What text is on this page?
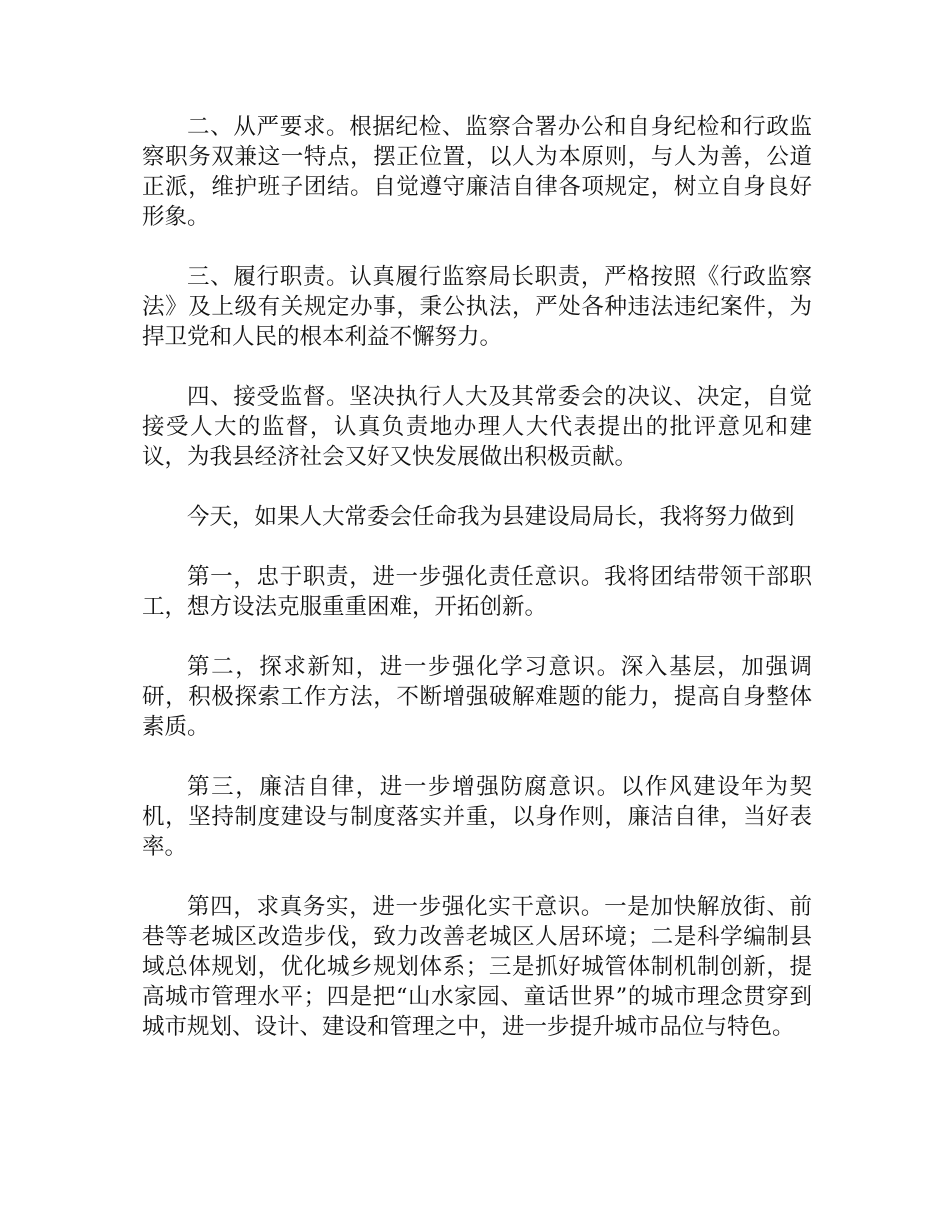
二、从严要求。根据纪检、监察合署办公和自身纪检和行政监察职务双兼这一特点，摆正位置，以人为本原则，与人为善，公道正派，维护班子团结。自觉遵守廉洁自律各项规定，树立自身良好形象。

三、履行职责。认真履行监察局长职责，严格按照《行政监察法》及上级有关规定办事，秉公执法，严处各种违法违纪案件，为捍卫党和人民的根本利益不懈努力。

四、接受监督。坚决执行人大及其常委会的决议、决定，自觉接受人大的监督，认真负责地办理人大代表提出的批评意见和建议，为我县经济社会又好又快发展做出积极贡献。

今天，如果人大常委会任命我为县建设局局长，我将努力做到

第一，忠于职责，进一步强化责任意识。我将团结带领干部职工，想方设法克服重重困难，开拓创新。

第二，探求新知，进一步强化学习意识。深入基层，加强调研，积极探索工作方法，不断增强破解难题的能力，提高自身整体素质。

第三，廉洁自律，进一步增强防腐意识。以作风建设年为契机，坚持制度建设与制度落实并重，以身作则，廉洁自律，当好表率。

第四，求真务实，进一步强化实干意识。一是加快解放街、前巷等老城区改造步伐，致力改善老城区人居环境；二是科学编制县域总体规划，优化城乡规划体系；三是抓好城管体制机制创新，提高城市管理水平；四是把“山水家园、童话世界”的城市理念贯穿到城市规划、设计、建设和管理之中，进一步提升城市品位与特色。
